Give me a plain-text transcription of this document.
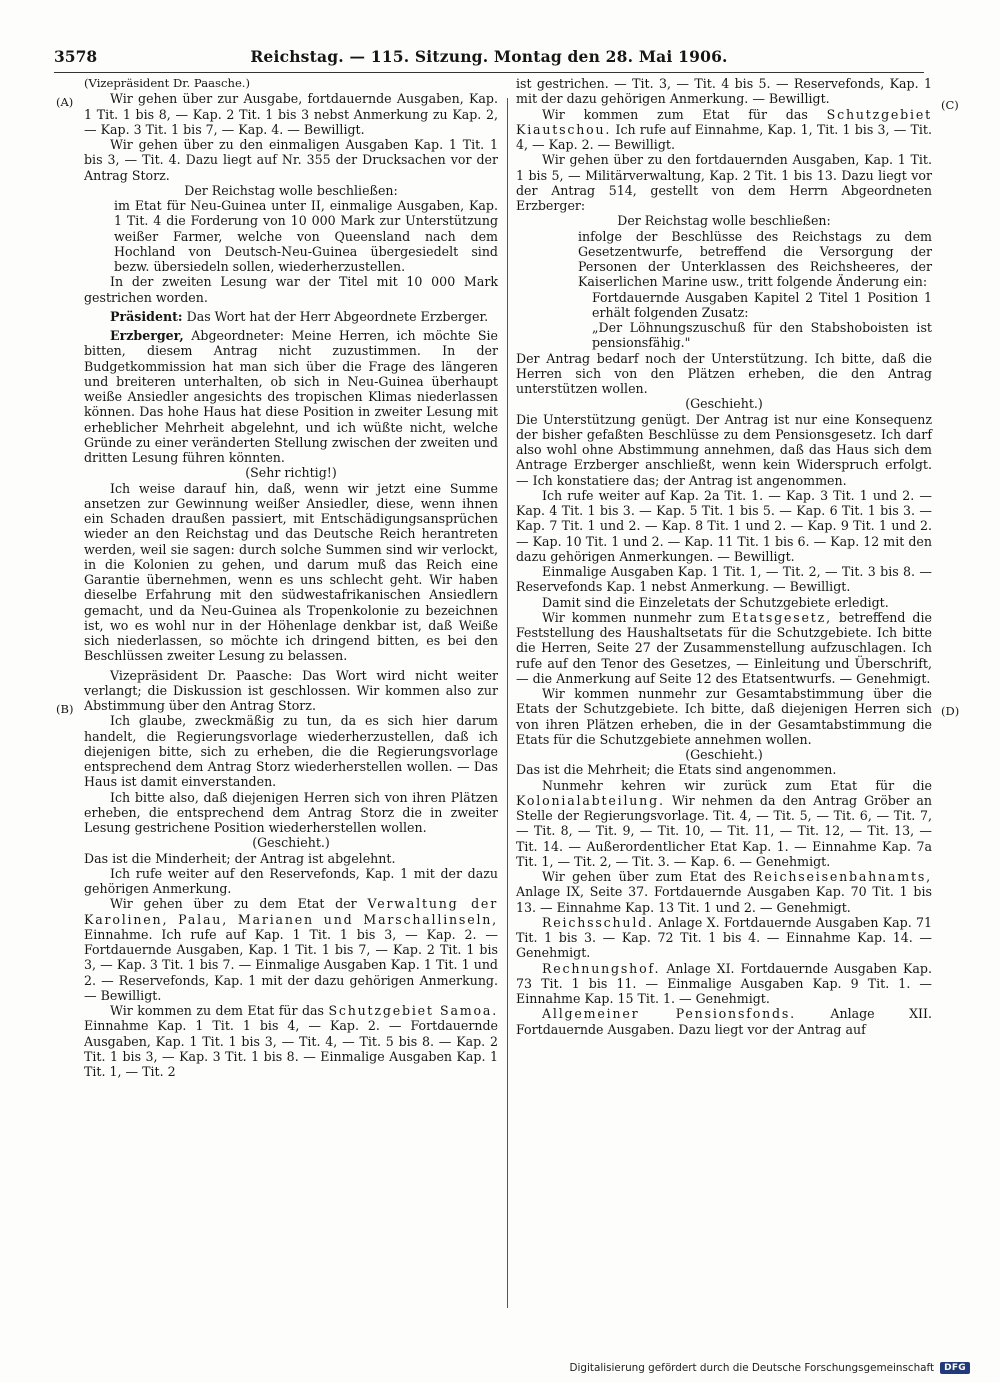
3578	Reichstag. — 115. Sitzung. Montag den 28. Mai 1906.
(A)
(B)
(C)
(D)

(Vizepräsident Dr. Paasche.)

Wir gehen über zur Ausgabe, fortdauernde Ausgaben, Kap. 1 Tit. 1 bis 8, — Kap. 2 Tit. 1 bis 3 nebst Anmerkung zu Kap. 2, — Kap. 3 Tit. 1 bis 7, — Kap. 4. — Bewilligt.

Wir gehen über zu den einmaligen Ausgaben Kap. 1 Tit. 1 bis 3, — Tit. 4. Dazu liegt auf Nr. 355 der Drucksachen vor der Antrag Storz.

Der Reichstag wolle beschließen:

im Etat für Neu-Guinea unter II, einmalige Ausgaben, Kap. 1 Tit. 4 die Forderung von 10 000 Mark zur Unterstützung weißer Farmer, welche von Queensland nach dem Hochland von Deutsch-Neu-Guinea übergesiedelt sind bezw. übersiedeln sollen, wiederherzustellen.

In der zweiten Lesung war der Titel mit 10 000 Mark gestrichen worden.

Präsident: Das Wort hat der Herr Abgeordnete Erzberger.

Erzberger, Abgeordneter: Meine Herren, ich möchte Sie bitten, diesem Antrag nicht zuzustimmen. In der Budgetkommission hat man sich über die Frage des längeren und breiteren unterhalten, ob sich in Neu-Guinea überhaupt weiße Ansiedler angesichts des tropischen Klimas niederlassen können. Das hohe Haus hat diese Position in zweiter Lesung mit erheblicher Mehrheit abgelehnt, und ich wüßte nicht, welche Gründe zu einer veränderten Stellung zwischen der zweiten und dritten Lesung führen könnten.

(Sehr richtig!)

Ich weise darauf hin, daß, wenn wir jetzt eine Summe ansetzen zur Gewinnung weißer Ansiedler, diese, wenn ihnen ein Schaden draußen passiert, mit Entschädigungsansprüchen wieder an den Reichstag und das Deutsche Reich herantreten werden, weil sie sagen: durch solche Summen sind wir verlockt, in die Kolonien zu gehen, und darum muß das Reich eine Garantie übernehmen, wenn es uns schlecht geht. Wir haben dieselbe Erfahrung mit den südwestafrikanischen Ansiedlern gemacht, und da Neu-Guinea als Tropenkolonie zu bezeichnen ist, wo es wohl nur in der Höhenlage denkbar ist, daß Weiße sich niederlassen, so möchte ich dringend bitten, es bei den Beschlüssen zweiter Lesung zu belassen.

Vizepräsident Dr. Paasche: Das Wort wird nicht weiter verlangt; die Diskussion ist geschlossen. Wir kommen also zur Abstimmung über den Antrag Storz.

Ich glaube, zweckmäßig zu tun, da es sich hier darum handelt, die Regierungsvorlage wiederherzustellen, daß ich diejenigen bitte, sich zu erheben, die die Regierungsvorlage entsprechend dem Antrag Storz wiederherstellen wollen. — Das Haus ist damit einverstanden.

Ich bitte also, daß diejenigen Herren sich von ihren Plätzen erheben, die entsprechend dem Antrag Storz die in zweiter Lesung gestrichene Position wiederherstellen wollen.

(Geschieht.)

Das ist die Minderheit; der Antrag ist abgelehnt.

Ich rufe weiter auf den Reservefonds, Kap. 1 mit der dazu gehörigen Anmerkung.

Wir gehen über zu dem Etat der Verwaltung der Karolinen, Palau, Marianen und Marschallinseln, Einnahme. Ich rufe auf Kap. 1 Tit. 1 bis 3, — Kap. 2. — Fortdauernde Ausgaben, Kap. 1 Tit. 1 bis 7, — Kap. 2 Tit. 1 bis 3, — Kap. 3 Tit. 1 bis 7. — Einmalige Ausgaben Kap. 1 Tit. 1 und 2. — Reservefonds, Kap. 1 mit der dazu gehörigen Anmerkung. — Bewilligt.

Wir kommen zu dem Etat für das Schutzgebiet Samoa. Einnahme Kap. 1 Tit. 1 bis 4, — Kap. 2. — Fortdauernde Ausgaben, Kap. 1 Tit. 1 bis 3, — Tit. 4, — Tit. 5 bis 8. — Kap. 2 Tit. 1 bis 3, — Kap. 3 Tit. 1 bis 8. — Einmalige Ausgaben Kap. 1 Tit. 1, — Tit. 2

ist gestrichen. — Tit. 3, — Tit. 4 bis 5. — Reservefonds, Kap. 1 mit der dazu gehörigen Anmerkung. — Bewilligt.

Wir kommen zum Etat für das Schutzgebiet Kiautschou. Ich rufe auf Einnahme, Kap. 1, Tit. 1 bis 3, — Tit. 4, — Kap. 2. — Bewilligt.

Wir gehen über zu den fortdauernden Ausgaben, Kap. 1 Tit. 1 bis 5, — Militärverwaltung, Kap. 2 Tit. 1 bis 13. Dazu liegt vor der Antrag 514, gestellt von dem Herrn Abgeordneten Erzberger:

Der Reichstag wolle beschließen:

infolge der Beschlüsse des Reichstags zu dem Gesetzentwurfe, betreffend die Versorgung der Personen der Unterklassen des Reichsheeres, der Kaiserlichen Marine usw., tritt folgende Änderung ein:

Fortdauernde Ausgaben Kapitel 2 Titel 1 Position 1 erhält folgenden Zusatz:

„Der Löhnungszuschuß für den Stabshoboisten ist pensionsfähig."

Der Antrag bedarf noch der Unterstützung. Ich bitte, daß die Herren sich von den Plätzen erheben, die den Antrag unterstützen wollen.

(Geschieht.)

Die Unterstützung genügt. Der Antrag ist nur eine Konsequenz der bisher gefaßten Beschlüsse zu dem Pensionsgesetz. Ich darf also wohl ohne Abstimmung annehmen, daß das Haus sich dem Antrage Erzberger anschließt, wenn kein Widerspruch erfolgt. — Ich konstatiere das; der Antrag ist angenommen.

Ich rufe weiter auf Kap. 2a Tit. 1. — Kap. 3 Tit. 1 und 2. — Kap. 4 Tit. 1 bis 3. — Kap. 5 Tit. 1 bis 5. — Kap. 6 Tit. 1 bis 3. — Kap. 7 Tit. 1 und 2. — Kap. 8 Tit. 1 und 2. — Kap. 9 Tit. 1 und 2. — Kap. 10 Tit. 1 und 2. — Kap. 11 Tit. 1 bis 6. — Kap. 12 mit den dazu gehörigen Anmerkungen. — Bewilligt.

Einmalige Ausgaben Kap. 1 Tit. 1, — Tit. 2, — Tit. 3 bis 8. — Reservefonds Kap. 1 nebst Anmerkung. — Bewilligt.

Damit sind die Einzeletats der Schutzgebiete erledigt.

Wir kommen nunmehr zum Etatsgesetz, betreffend die Feststellung des Haushaltsetats für die Schutzgebiete. Ich bitte die Herren, Seite 27 der Zusammenstellung aufzuschlagen. Ich rufe auf den Tenor des Gesetzes, — Einleitung und Überschrift, — die Anmerkung auf Seite 12 des Etatsentwurfs. — Genehmigt.

Wir kommen nunmehr zur Gesamtabstimmung über die Etats der Schutzgebiete. Ich bitte, daß diejenigen Herren sich von ihren Plätzen erheben, die in der Gesamtabstimmung die Etats für die Schutzgebiete annehmen wollen.

(Geschieht.)

Das ist die Mehrheit; die Etats sind angenommen.

Nunmehr kehren wir zurück zum Etat für die Kolonialabteilung. Wir nehmen da den Antrag Gröber an Stelle der Regierungsvorlage. Tit. 4, — Tit. 5, — Tit. 6, — Tit. 7, — Tit. 8, — Tit. 9, — Tit. 10, — Tit. 11, — Tit. 12, — Tit. 13, — Tit. 14. — Außerordentlicher Etat Kap. 1. — Einnahme Kap. 7a Tit. 1, — Tit. 2, — Tit. 3. — Kap. 6. — Genehmigt.

Wir gehen über zum Etat des Reichseisenbahnamts, Anlage IX, Seite 37. Fortdauernde Ausgaben Kap. 70 Tit. 1 bis 13. — Einnahme Kap. 13 Tit. 1 und 2. — Genehmigt.

Reichsschuld. Anlage X. Fortdauernde Ausgaben Kap. 71 Tit. 1 bis 3. — Kap. 72 Tit. 1 bis 4. — Einnahme Kap. 14. — Genehmigt.

Rechnungshof. Anlage XI. Fortdauernde Ausgaben Kap. 73 Tit. 1 bis 11. — Einmalige Ausgaben Kap. 9 Tit. 1. — Einnahme Kap. 15 Tit. 1. — Genehmigt.

Allgemeiner Pensionsfonds.	Anlage XII. Fortdauernde Ausgaben. Dazu liegt vor der Antrag auf

Digitalisierung gefördert durch die Deutsche Forschungsgemeinschaft	DFG
